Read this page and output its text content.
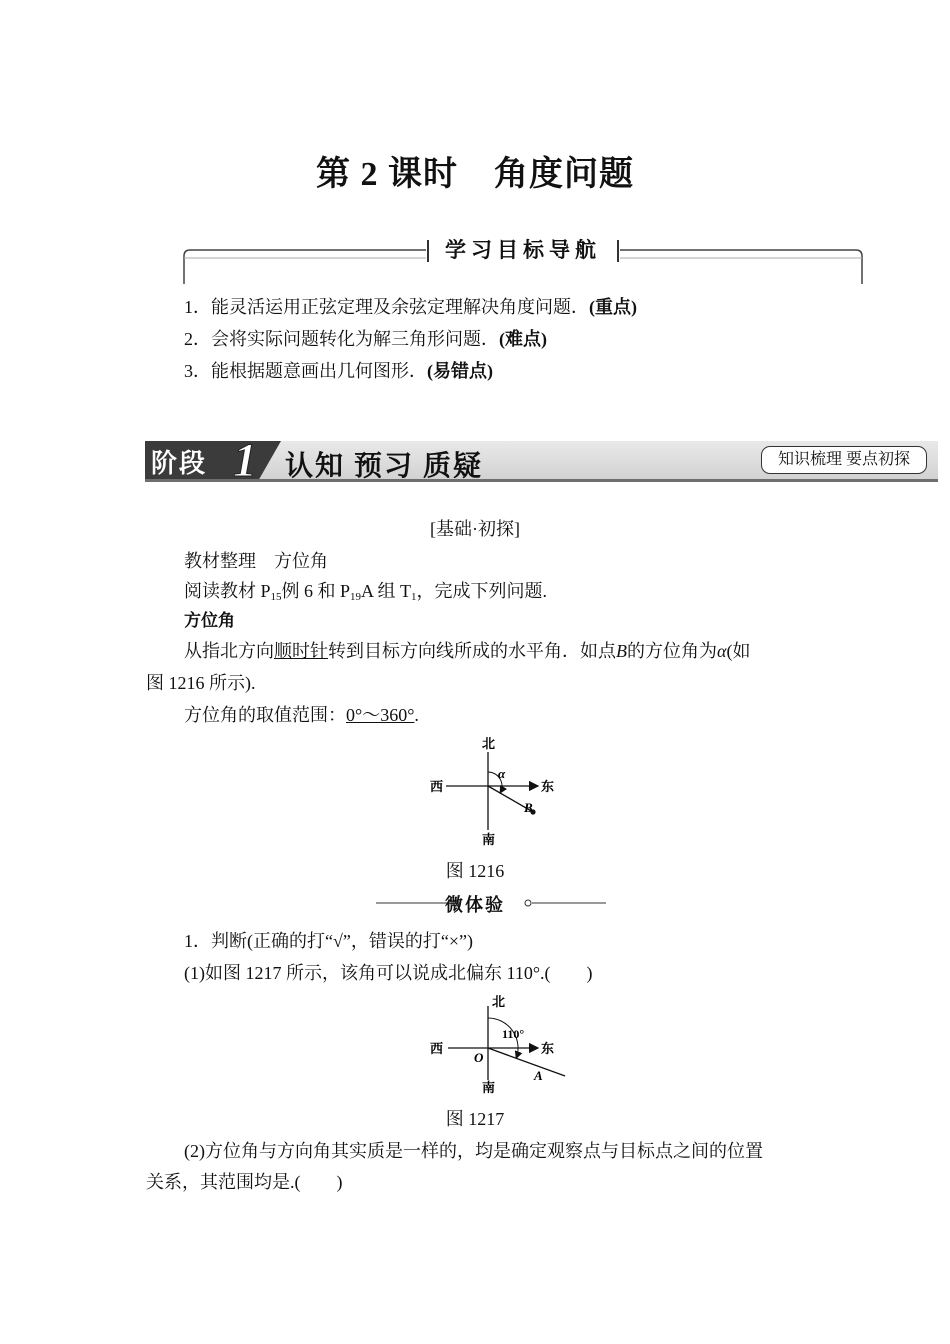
第 2 课时 角度问题
学习目标导航
1．能灵活运用正弦定理及余弦定理解决角度问题．(重点)
2．会将实际问题转化为解三角形问题．(难点)
3．能根据题意画出几何图形．(易错点)
阶段 1 认知 预习 质疑	知识梳理 要点初探
[基础·初探]
教材整理　方位角
阅读教材 $P_{15}$例 6 和 $P_{19}A$ 组 $T_1$，完成下列问题.
方位角
从指北方向顺时针转到目标方向线所成的水平角．如点B的方位角为α(如
图 1216 所示).
方位角的取值范围：0°～360°.
北
南
西	东
α
B
图 1216
微体验
1．判断(正确的打“√”，错误的打“×”)
(1)如图 1217 所示，该角可以说成北偏东 110°.(　　)
北
南
西	东
O
110°
A
图 1217
(2)方位角与方向角其实质是一样的，均是确定观察点与目标点之间的位置
关系，其范围均是.(　　)
